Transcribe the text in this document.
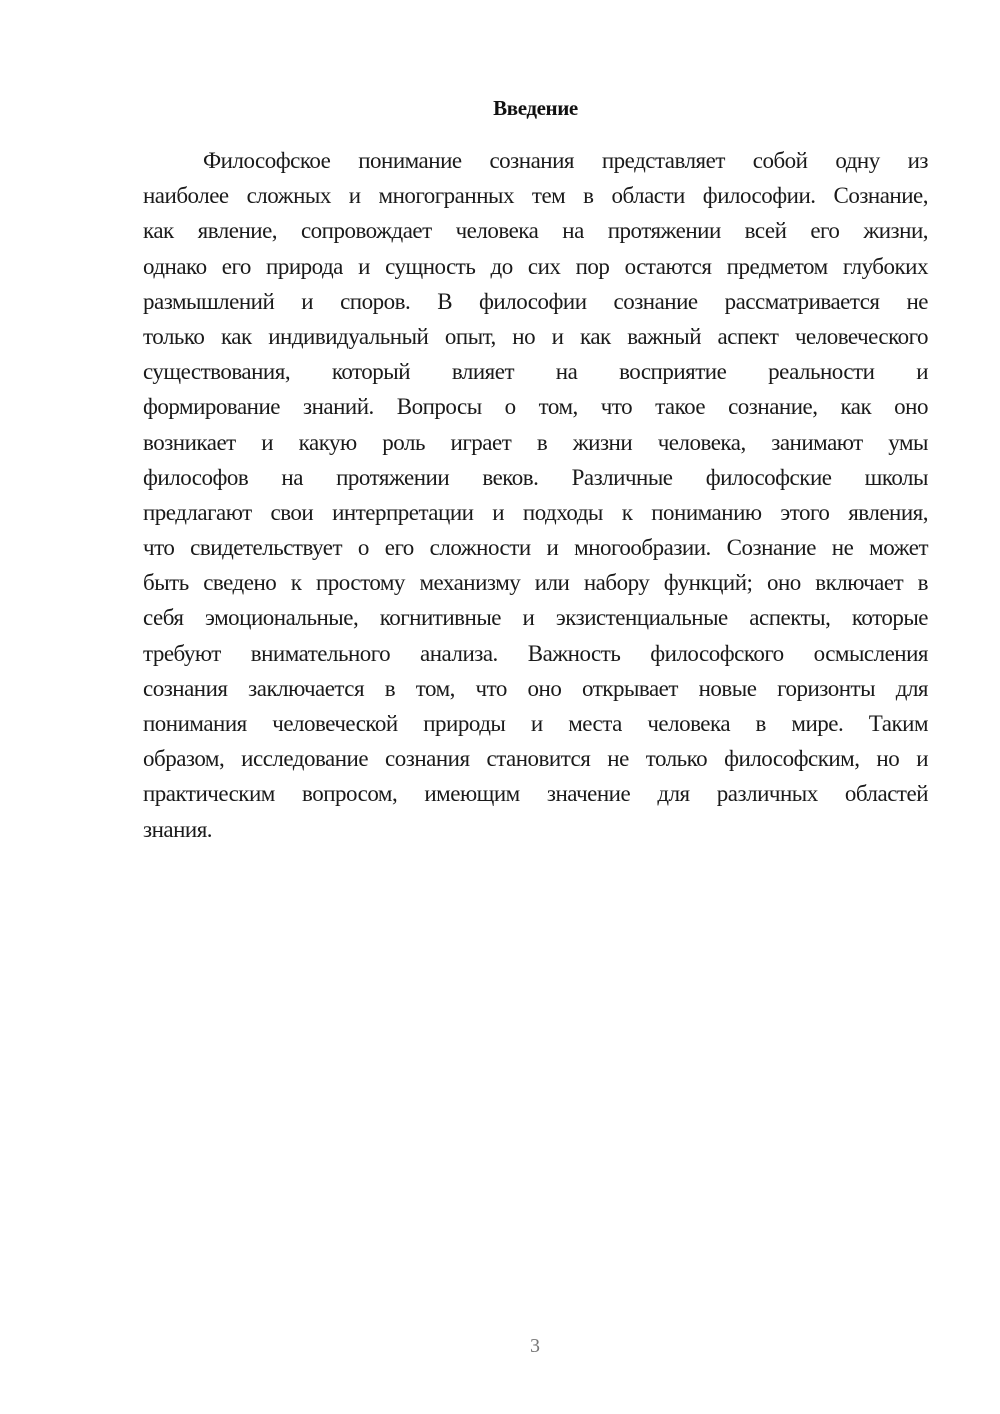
Введение
Философское понимание сознания представляет собой одну из
наиболее сложных и многогранных тем в области философии. Сознание,
как явление, сопровождает человека на протяжении всей его жизни,
однако его природа и сущность до сих пор остаются предметом глубоких
размышлений и споров. В философии сознание рассматривается не
только как индивидуальный опыт, но и как важный аспект человеческого
существования, который влияет на восприятие реальности и
формирование знаний. Вопросы о том, что такое сознание, как оно
возникает и какую роль играет в жизни человека, занимают умы
философов на протяжении веков. Различные философские школы
предлагают свои интерпретации и подходы к пониманию этого явления,
что свидетельствует о его сложности и многообразии. Сознание не может
быть сведено к простому механизму или набору функций; оно включает в
себя эмоциональные, когнитивные и экзистенциальные аспекты, которые
требуют внимательного анализа. Важность философского осмысления
сознания заключается в том, что оно открывает новые горизонты для
понимания человеческой природы и места человека в мире. Таким
образом, исследование сознания становится не только философским, но и
практическим вопросом, имеющим значение для различных областей
знания.
3
